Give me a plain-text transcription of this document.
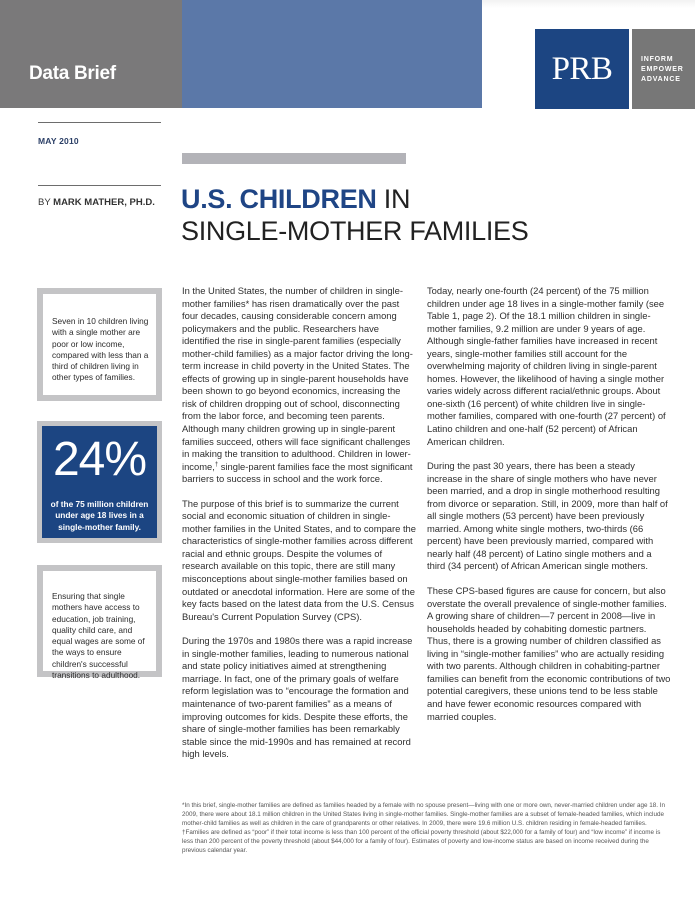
Data Brief	PRB	INFORM
EMPOWER
ADVANCE
MAY 2010
BY MARK MATHER, PH.D. U.S. CHILDREN IN
SINGLE-MOTHER FAMILIES
Seven in 10 children living with a single mother are poor or low income, compared with less than a third of children living in other types of families.
24%
of the 75 million children under age 18 lives in a single-mother family.
Ensuring that single mothers have access to education, job training, quality child care, and equal wages are some of the ways to ensure children's successful transitions to adulthood.

In the United States, the number of children in single-mother families* has risen dramatically over the past four decades, causing considerable concern among policymakers and the public. Researchers have identified the rise in single-parent families (especially mother-child families) as a major factor driving the long-term increase in child poverty in the United States. The effects of growing up in single-parent households have been shown to go beyond economics, increasing the risk of children dropping out of school, disconnecting from the labor force, and becoming teen parents. Although many children growing up in single-parent families succeed, others will face significant challenges in making the transition to adulthood. Children in lower-income,† single-parent families face the most significant barriers to success in school and the work force.

The purpose of this brief is to summarize the current social and economic situation of children in single-mother families in the United States, and to compare the characteristics of single-mother families across different racial and ethnic groups. Despite the volumes of research available on this topic, there are still many misconceptions about single-mother families based on outdated or anecdotal information. Here are some of the key facts based on the latest data from the U.S. Census Bureau's Current Population Survey (CPS).

During the 1970s and 1980s there was a rapid increase in single-mother families, leading to numerous national and state policy initiatives aimed at strengthening marriage. In fact, one of the primary goals of welfare reform legislation was to “encourage the formation and maintenance of two-parent families” as a means of improving outcomes for kids. Despite these efforts, the share of single-mother families has been remarkably stable since the mid-1990s and has remained at record high levels.

Today, nearly one-fourth (24 percent) of the 75 million children under age 18 lives in a single-mother family (see Table 1, page 2). Of the 18.1 million children in single-mother families, 9.2 million are under 9 years of age. Although single-father families have increased in recent years, single-mother families still account for the overwhelming majority of children living in single-parent homes. However, the likelihood of having a single mother varies widely across different racial/ethnic groups. About one-sixth (16 percent) of white children live in single-mother families, compared with one-fourth (27 percent) of Latino children and one-half (52 percent) of African American children.

During the past 30 years, there has been a steady increase in the share of single mothers who have never been married, and a drop in single motherhood resulting from divorce or separation. Still, in 2009, more than half of all single mothers (53 percent) have been previously married. Among white single mothers, two-thirds (66 percent) have been previously married, compared with nearly half (48 percent) of Latino single mothers and a third (34 percent) of African American single mothers.

These CPS-based figures are cause for concern, but also overstate the overall prevalence of single-mother families. A growing share of children—7 percent in 2008—live in households headed by cohabiting domestic partners. Thus, there is a growing number of children classified as living in “single-mother families” who are actually residing with two parents. Although children in cohabiting-partner families can benefit from the economic contributions of two potential caregivers, these unions tend to be less stable and have fewer economic resources compared with married couples.

*In this brief, single-mother families are defined as families headed by a female with no spouse present—living with one or more own, never-married children under age 18. In 2009, there were about 18.1 million children in the United States living in single-mother families. Single-mother families are a subset of female-headed families, which include mother-child families as well as children in the care of grandparents or other relatives. In 2009, there were 19.6 million U.S. children residing in female-headed families.

†Families are defined as “poor” if their total income is less than 100 percent of the official poverty threshold (about $22,000 for a family of four) and “low income” if income is less than 200 percent of the poverty threshold (about $44,000 for a family of four). Estimates of poverty and low-income status are based on income received during the previous calendar year.
